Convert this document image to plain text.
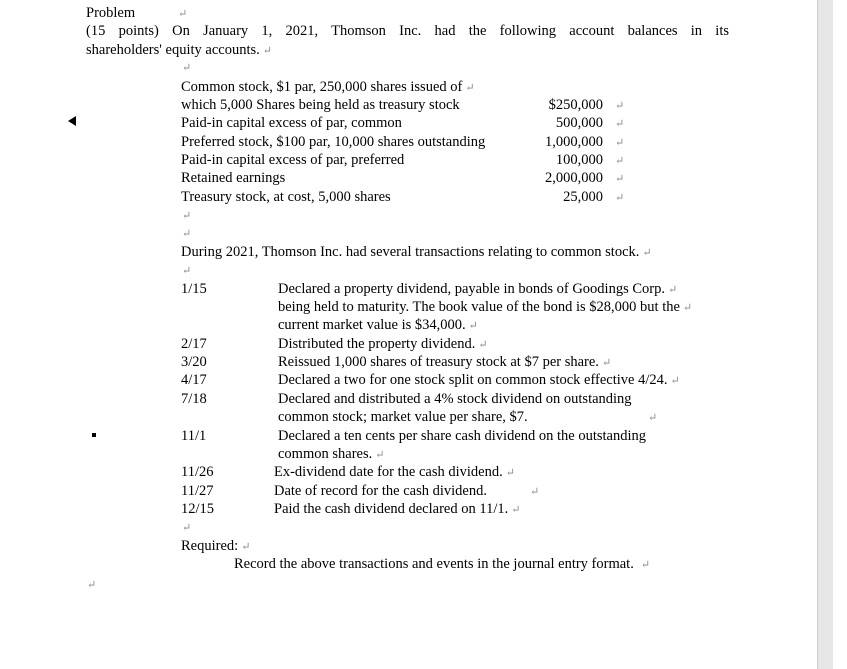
Problem	↵
(15 points) On January 1, 2021, Thomson Inc. had the following account balances in its
shareholders' equity accounts. ↵
↵
Common stock, $1 par, 250,000 shares issued of ↵
which 5,000 Shares being held as treasury stock	$250,000 ↵
Paid-in capital excess of par, common	500,000 ↵
Preferred stock, $100 par, 10,000 shares outstanding	1,000,000 ↵
Paid-in capital excess of par, preferred	100,000 ↵
Retained earnings	2,000,000 ↵
Treasury stock, at cost, 5,000 shares	25,000 ↵
↵
↵
During 2021, Thomson Inc. had several transactions relating to common stock. ↵
↵
1/15	Declared a property dividend, payable in bonds of Goodings Corp. ↵
being held to maturity. The book value of the bond is $28,000 but the ↵
current market value is $34,000. ↵
2/17	Distributed the property dividend. ↵
3/20	Reissued 1,000 shares of treasury stock at $7 per share. ↵
4/17	Declared a two for one stock split on common stock effective 4/24. ↵
7/18	Declared and distributed a 4% stock dividend on outstanding
common stock; market value per share, $7.	↵
11/1	Declared a ten cents per share cash dividend on the outstanding
common shares. ↵
11/26	Ex-dividend date for the cash dividend. ↵
11/27	Date of record for the cash dividend.	↵
12/15	Paid the cash dividend declared on 11/1. ↵
↵
Required: ↵
Record the above transactions and events in the journal entry format. ↵
↵
